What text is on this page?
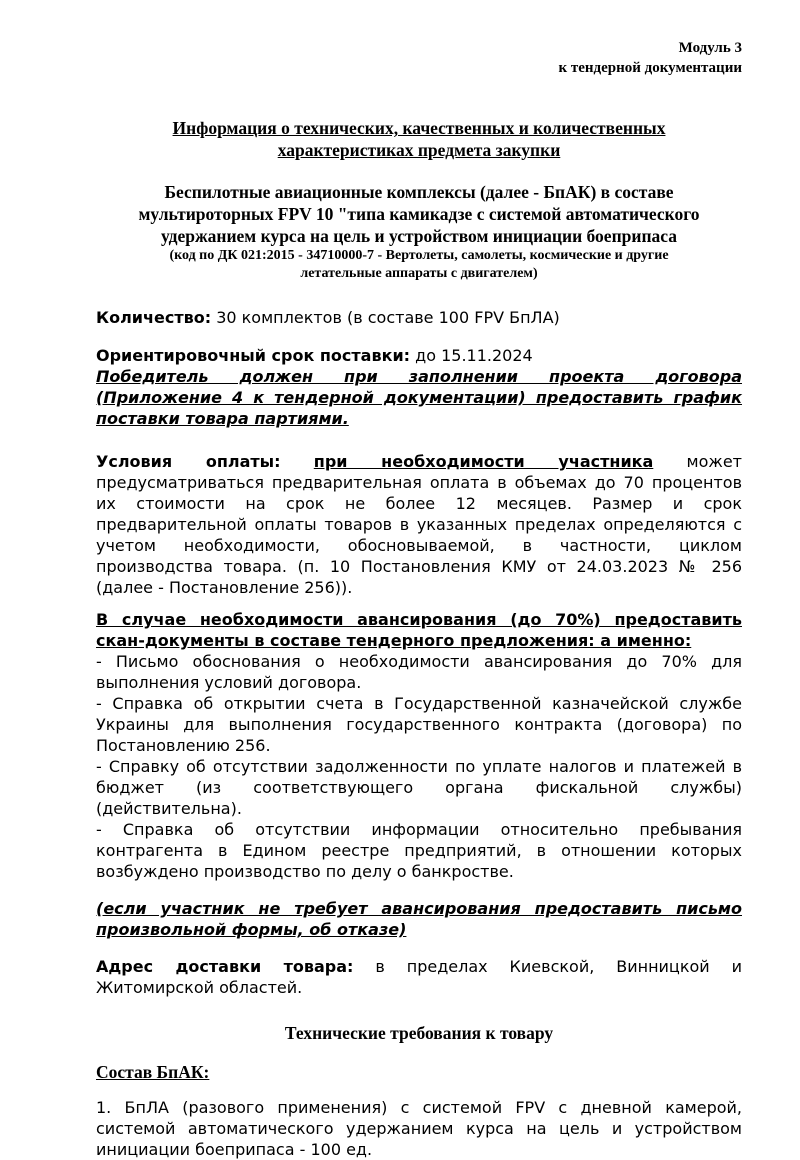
Модуль 3
к тендерной документации
Информация о технических, качественных и количественных
характеристиках предмета закупки
Беспилотные авиационные комплексы (далее - БпАК) в составе
мультироторных FPV 10 "типа камикадзе с системой автоматического
удержанием курса на цель и устройством инициации боеприпаса
(код по ДК 021:2015 - 34710000-7 - Вертолеты, самолеты, космические и другие
летательные аппараты с двигателем)
Количество: 30 комплектов (в составе 100 FPV БпЛА)
Ориентировочный срок поставки: до 15.11.2024
Победитель должен при заполнении проекта договора (Приложение 4 к тендерной документации) предоставить график поставки товара партиями.
Условия оплаты: при необходимости участника может предусматриваться предварительная оплата в объемах до 70 процентов их стоимости на срок не более 12 месяцев. Размер и срок предварительной оплаты товаров в указанных пределах определяются с учетом необходимости, обосновываемой, в частности, циклом производства товара. (п. 10 Постановления КМУ от 24.03.2023 № 256 (далее - Постановление 256)).
В случае необходимости авансирования (до 70%) предоставить скан-документы в составе тендерного предложения: а именно:
- Письмо обоснования о необходимости авансирования до 70% для выполнения условий договора.
- Справка об открытии счета в Государственной казначейской службе Украины для выполнения государственного контракта (договора) по Постановлению 256.
- Справку об отсутствии задолженности по уплате налогов и платежей в бюджет (из соответствующего органа фискальной службы) (действительна).
- Справка об отсутствии информации относительно пребывания контрагента в Едином реестре предприятий, в отношении которых возбуждено производство по делу о банкростве.
(если участник не требует авансирования предоставить письмо произвольной формы, об отказе)
Адрес доставки товара: в пределах Киевской, Винницкой и Житомирской областей.
Технические требования к товару
Состав БпАК:
1. БпЛА (разового применения) с системой FPV с дневной камерой, системой автоматического удержанием курса на цель и устройством инициации боеприпаса - 100 ед.
